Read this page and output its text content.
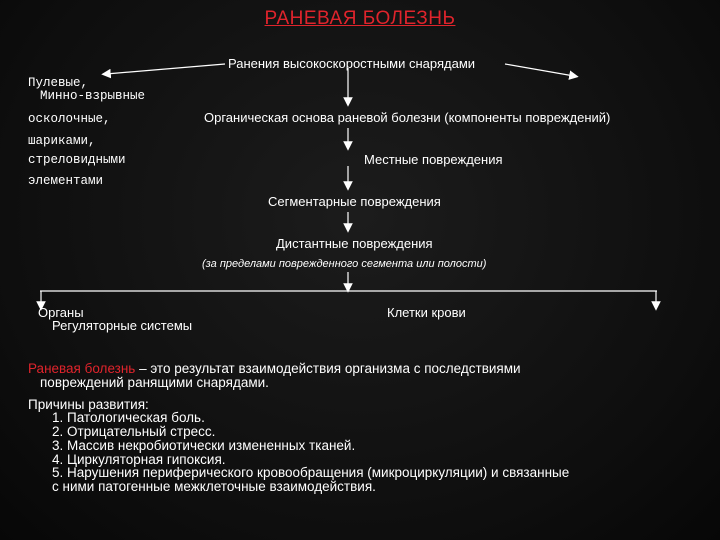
РАНЕВАЯ БОЛЕЗНЬ
Ранения высокоскоростными снарядами
Пулевые,
Минно-взрывные
осколочные,
шариками,
стреловидными
элементами
Органическая основа раневой болезни (компоненты повреждений)
Местные повреждения
Сегментарные повреждения
Дистантные повреждения
(за пределами поврежденного сегмента или полости)
Органы
Регуляторные системы
Клетки крови
Раневая болезнь – это результат взаимодействия организма с последствиями
повреждений ранящими снарядами.
Причины развития:
1. Патологическая боль.
2. Отрицательный стресс.
3. Массив некробиотически измененных тканей.
4. Циркуляторная гипоксия.
5. Нарушения периферического кровообращения (микроциркуляции) и связанные
с ними патогенные межклеточные взаимодействия.
